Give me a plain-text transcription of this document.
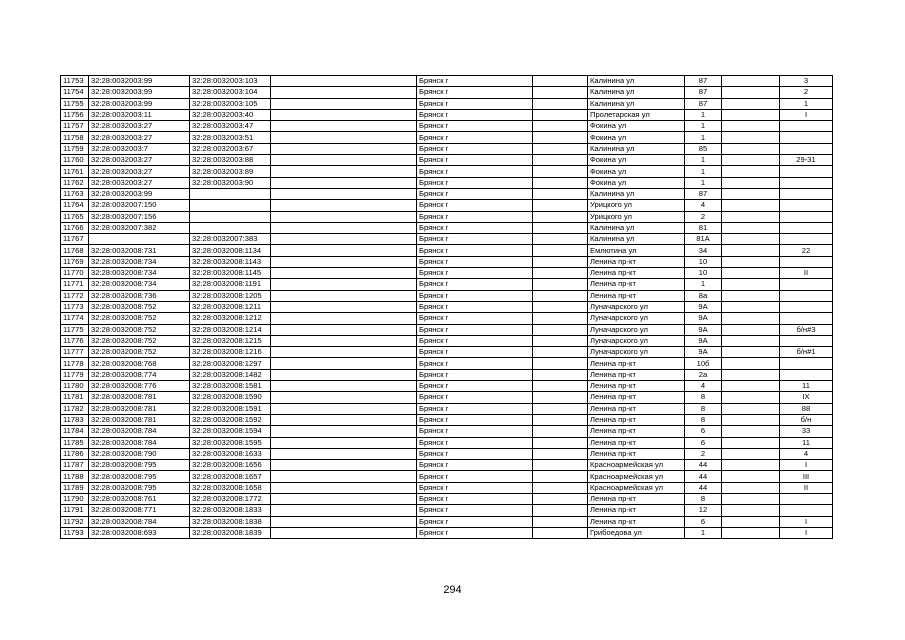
11753	32:28:0032003:99	32:28:0032003:103		Брянск г		Калинина ул	87		3
11754	32:28:0032003:99	32:28:0032003:104		Брянск г		Калинина ул	87		2
11755	32:28:0032003:99	32:28:0032003:105		Брянск г		Калинина ул	87		1
11756	32:28:0032003:11	32:28:0032003:40		Брянск г		Пролетарская ул	1		I
11757	32:28:0032003:27	32:28:0032003:47		Брянск г		Фокина ул	1		
11758	32:28:0032003:27	32:28:0032003:51		Брянск г		Фокина ул	1		
11759	32:28:0032003:7	32:28:0032003:67		Брянск г		Калинина ул	85		
11760	32:28:0032003:27	32:28:0032003:88		Брянск г		Фокина ул	1		29-31
11761	32:28:0032003:27	32:28:0032003:89		Брянск г		Фокина ул	1		
11762	32:28:0032003:27	32:28:0032003:90		Брянск г		Фокина ул	1		
11763	32:28:0032003:99			Брянск г		Калинина ул	87		
11764	32:28:0032007:150			Брянск г		Урицкого ул	4		
11765	32:28:0032007:156			Брянск г		Урицкого ул	2		
11766	32:28:0032007:382			Брянск г		Калинина ул	81		
11767		32:28:0032007:383		Брянск г		Калинина ул	81А		
11768	32:28:0032008:731	32:28:0032008:1134		Брянск г		Емлютина ул	34		22
11769	32:28:0032008:734	32:28:0032008:1143		Брянск г		Ленина пр-кт	10		
11770	32:28:0032008:734	32:28:0032008:1145		Брянск г		Ленина пр-кт	10		II
11771	32:28:0032008:734	32:28:0032008:1191		Брянск г		Ленина пр-кт	1		
11772	32:28:0032008:736	32:28:0032008:1205		Брянск г		Ленина пр-кт	8а		
11773	32:28:0032008:752	32:28:0032008:1211		Брянск г		Луначарского ул	9А		
11774	32:28:0032008:752	32:28:0032008:1212		Брянск г		Луначарского ул	9А		
11775	32:28:0032008:752	32:28:0032008:1214		Брянск г		Луначарского ул	9А		б/н#3
11776	32:28:0032008:752	32:28:0032008:1215		Брянск г		Луначарского ул	9А		
11777	32:28:0032008:752	32:28:0032008:1216		Брянск г		Луначарского ул	9А		б/н#1
11778	32:28:0032008:768	32:28:0032008:1297		Брянск г		Ленина пр-кт	10б		
11779	32:28:0032008:774	32:28:0032008:1482		Брянск г		Ленина пр-кт	2а		
11780	32:28:0032008:776	32:28:0032008:1581		Брянск г		Ленина пр-кт	4		11
11781	32:28:0032008:781	32:28:0032008:1590		Брянск г		Ленина пр-кт	8		IX
11782	32:28:0032008:781	32:28:0032008:1591		Брянск г		Ленина пр-кт	8		88
11783	32:28:0032008:781	32:28:0032008:1592		Брянск г		Ленина пр-кт	8		б/н
11784	32:28:0032008:784	32:28:0032008:1594		Брянск г		Ленина пр-кт	6		33
11785	32:28:0032008:784	32:28:0032008:1595		Брянск г		Ленина пр-кт	6		11
11786	32:28:0032008:790	32:28:0032008:1633		Брянск г		Ленина пр-кт	2		4
11787	32:28:0032008:795	32:28:0032008:1656		Брянск г		Красноармейская ул	44		I
11788	32:28:0032008:795	32:28:0032008:1657		Брянск г		Красноармейская ул	44		III
11789	32:28:0032008:795	32:28:0032008:1658		Брянск г		Красноармейская ул	44		II
11790	32:28:0032008:761	32:28:0032008:1772		Брянск г		Ленина пр-кт	8		
11791	32:28:0032008:771	32:28:0032008:1833		Брянск г		Ленина пр-кт	12		
11792	32:28:0032008:784	32:28:0032008:1838		Брянск г		Ленина пр-кт	6		I
11793	32:28:0032008:693	32:28:0032008:1839		Брянск г		Грибоедова ул	1		I
294
